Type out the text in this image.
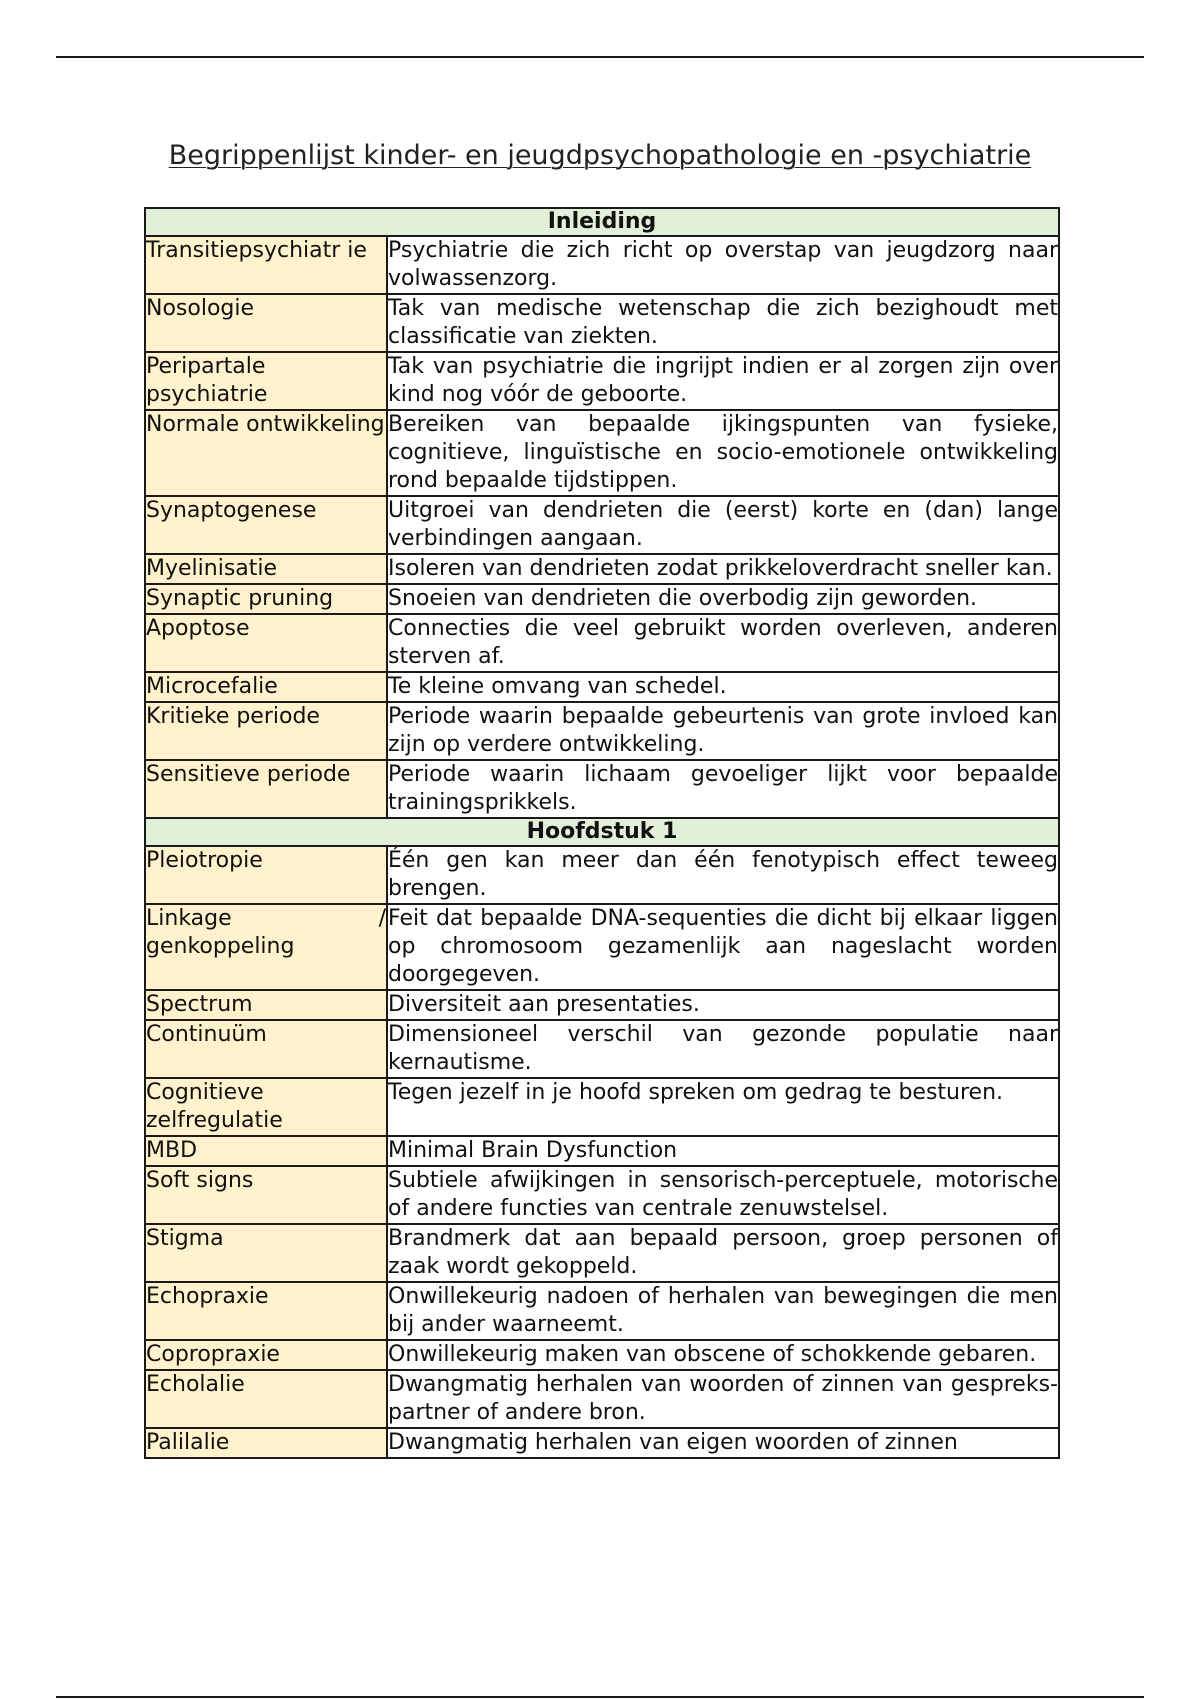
Begrippenlijst kinder- en jeugdpsychopathologie en -psychiatrie
Inleiding	
Transitiepsychiatr ie	Psychiatrie die zich richt op overstap van jeugdzorg naar volwassenzorg.
Nosologie	Tak van medische wetenschap die zich bezighoudt met classificatie van ziekten.
Peripartale psychiatrie	Tak van psychiatrie die ingrijpt indien er al zorgen zijn over kind nog vóór de geboorte.
Normale ontwikkeling	Bereiken van bepaalde ijkingspunten van fysieke, cognitieve, linguïstische en socio-emotionele ontwikkeling rond bepaalde tijdstippen.
Synaptogenese	Uitgroei van dendrieten die (eerst) korte en (dan) lange verbindingen aangaan.
Myelinisatie	Isoleren van dendrieten zodat prikkeloverdracht sneller kan.
Synaptic pruning	Snoeien van dendrieten die overbodig zijn geworden.
Apoptose	Connecties die veel gebruikt worden overleven, anderen sterven af.
Microcefalie	Te kleine omvang van schedel.
Kritieke periode	Periode waarin bepaalde gebeurtenis van grote invloed kan zijn op verdere ontwikkeling.
Sensitieve periode	Periode waarin lichaam gevoeliger lijkt voor bepaalde trainingsprikkels.
Hoofdstuk 1	
Pleiotropie	Één gen kan meer dan één fenotypisch effect teweeg brengen.
Linkage / genkoppeling	Feit dat bepaalde DNA-sequenties die dicht bij elkaar liggen op chromosoom gezamenlijk aan nageslacht worden doorgegeven.
Spectrum	Diversiteit aan presentaties.
Continuüm	Dimensioneel verschil van gezonde populatie naar kernautisme.
Cognitieve zelfregulatie	Tegen jezelf in je hoofd spreken om gedrag te besturen.
MBD	Minimal Brain Dysfunction
Soft signs	Subtiele afwijkingen in sensorisch-perceptuele, motorische of andere functies van centrale zenuwstelsel.
Stigma	Brandmerk dat aan bepaald persoon, groep personen of zaak wordt gekoppeld.
Echopraxie	Onwillekeurig nadoen of herhalen van bewegingen die men bij ander waarneemt.
Copropraxie	Onwillekeurig maken van obscene of schokkende gebaren.
Echolalie	Dwangmatig herhalen van woorden of zinnen van gesprekspartner of andere bron.
Palilalie	Dwangmatig herhalen van eigen woorden of zinnen
